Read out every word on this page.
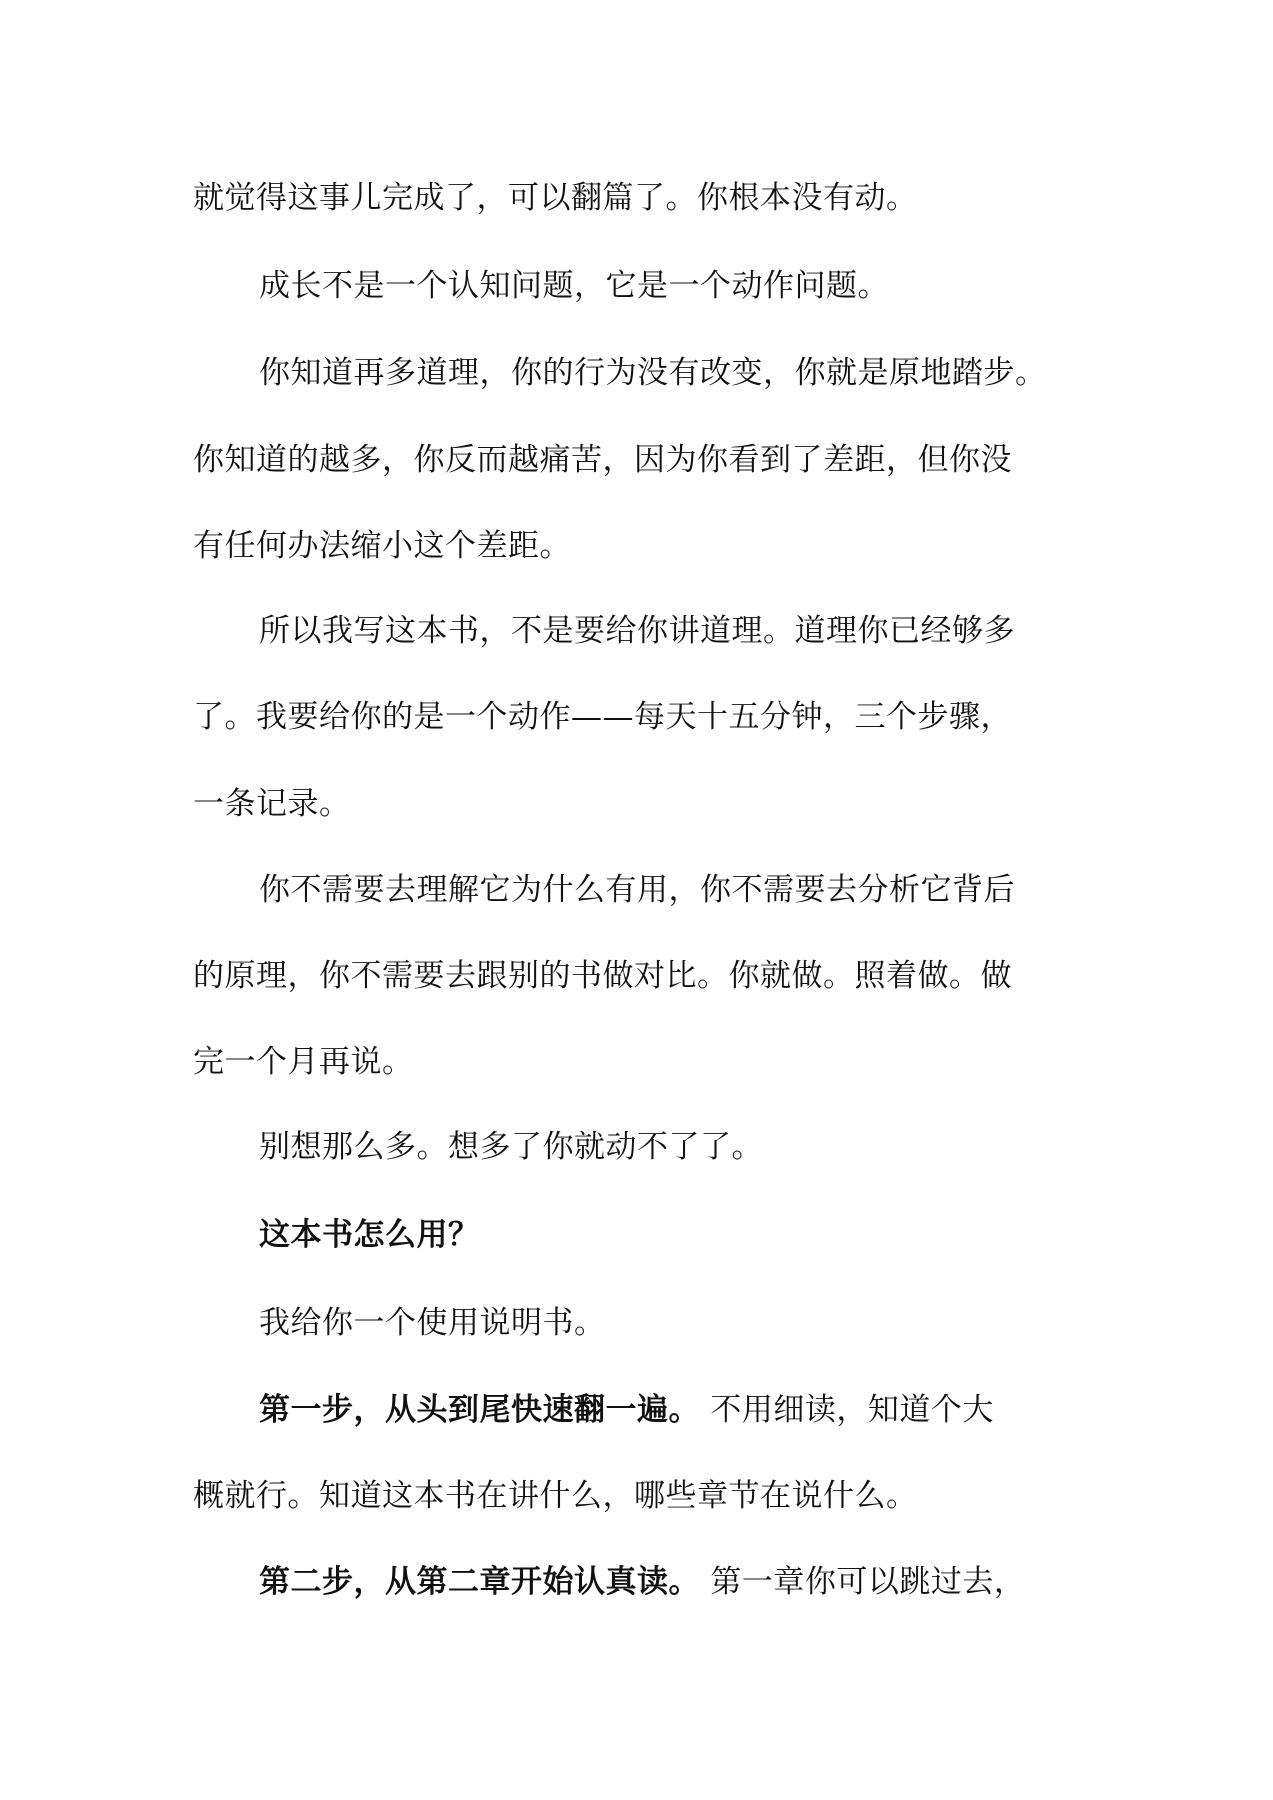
就觉得这事儿完成了，可以翻篇了。你根本没有动。
成长不是一个认知问题，它是一个动作问题。
你知道再多道理，你的行为没有改变，你就是原地踏步。
你知道的越多，你反而越痛苦，因为你看到了差距，但你没
有任何办法缩小这个差距。
所以我写这本书，不是要给你讲道理。道理你已经够多
了。我要给你的是一个动作——每天十五分钟，三个步骤，
一条记录。
你不需要去理解它为什么有用，你不需要去分析它背后
的原理，你不需要去跟别的书做对比。你就做。照着做。做
完一个月再说。
别想那么多。想多了你就动不了了。
这本书怎么用？
我给你一个使用说明书。
第一步，从头到尾快速翻一遍。 不用细读，知道个大
概就行。知道这本书在讲什么，哪些章节在说什么。
第二步，从第二章开始认真读。 第一章你可以跳过去，
